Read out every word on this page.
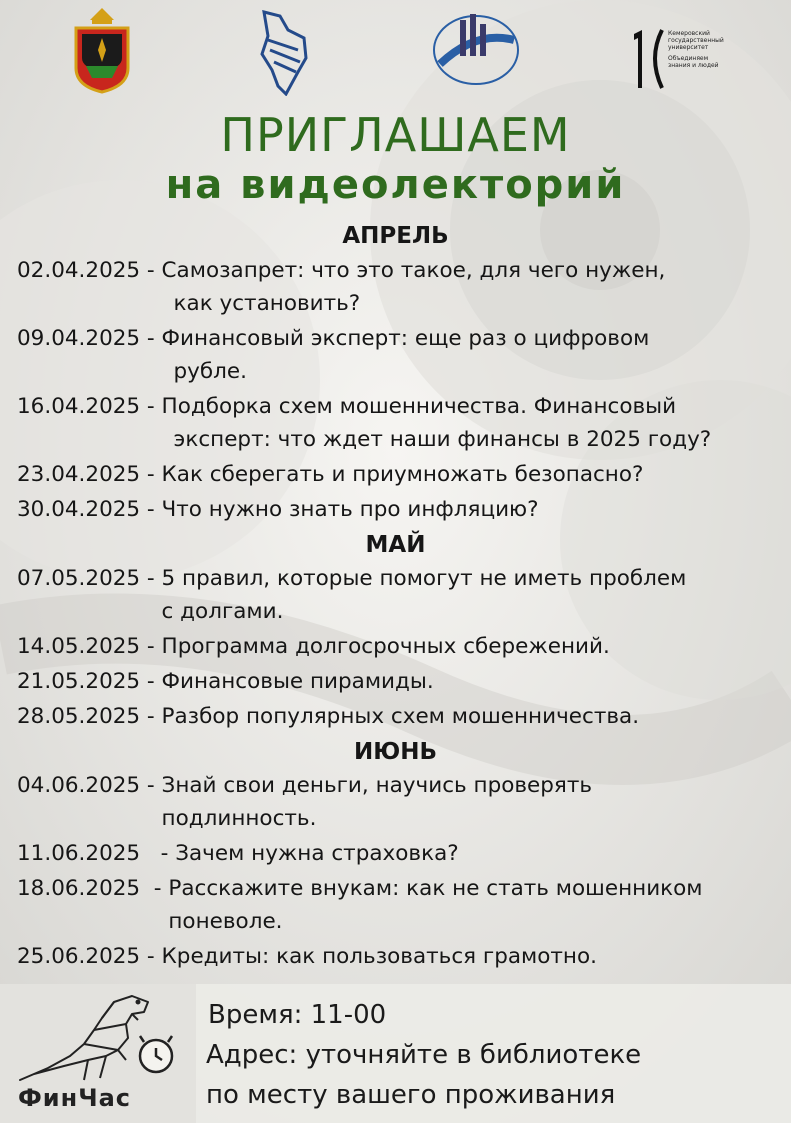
Кемеровский
государственный
университет
Объединяем
знания и людей
ПРИГЛАШАЕМ
на видеолекторий
АПРЕЛЬ
02.04.2025 - Самозапрет: что это такое, для чего нужен,
как установить?
09.04.2025 - Финансовый эксперт: еще раз о цифровом
рубле.
16.04.2025 - Подборка схем мошенничества. Финансовый
эксперт: что ждет наши финансы в 2025 году?
23.04.2025 - Как сберегать и приумножать безопасно?
30.04.2025 - Что нужно знать про инфляцию?
МАЙ
07.05.2025 - 5 правил, которые помогут не иметь проблем
с долгами.
14.05.2025 - Программа долгосрочных сбережений.
21.05.2025 - Финансовые пирамиды.
28.05.2025 - Разбор популярных схем мошенничества.
ИЮНЬ
04.06.2025 - Знай свои деньги, научись проверять
подлинность.
11.06.2025   - Зачем нужна страховка?
18.06.2025  - Расскажите внукам: как не стать мошенником
поневоле.
25.06.2025 - Кредиты: как пользоваться грамотно.
ФинЧас
Время: 11-00
Адрес: уточняйте в библиотеке
по месту вашего проживания
